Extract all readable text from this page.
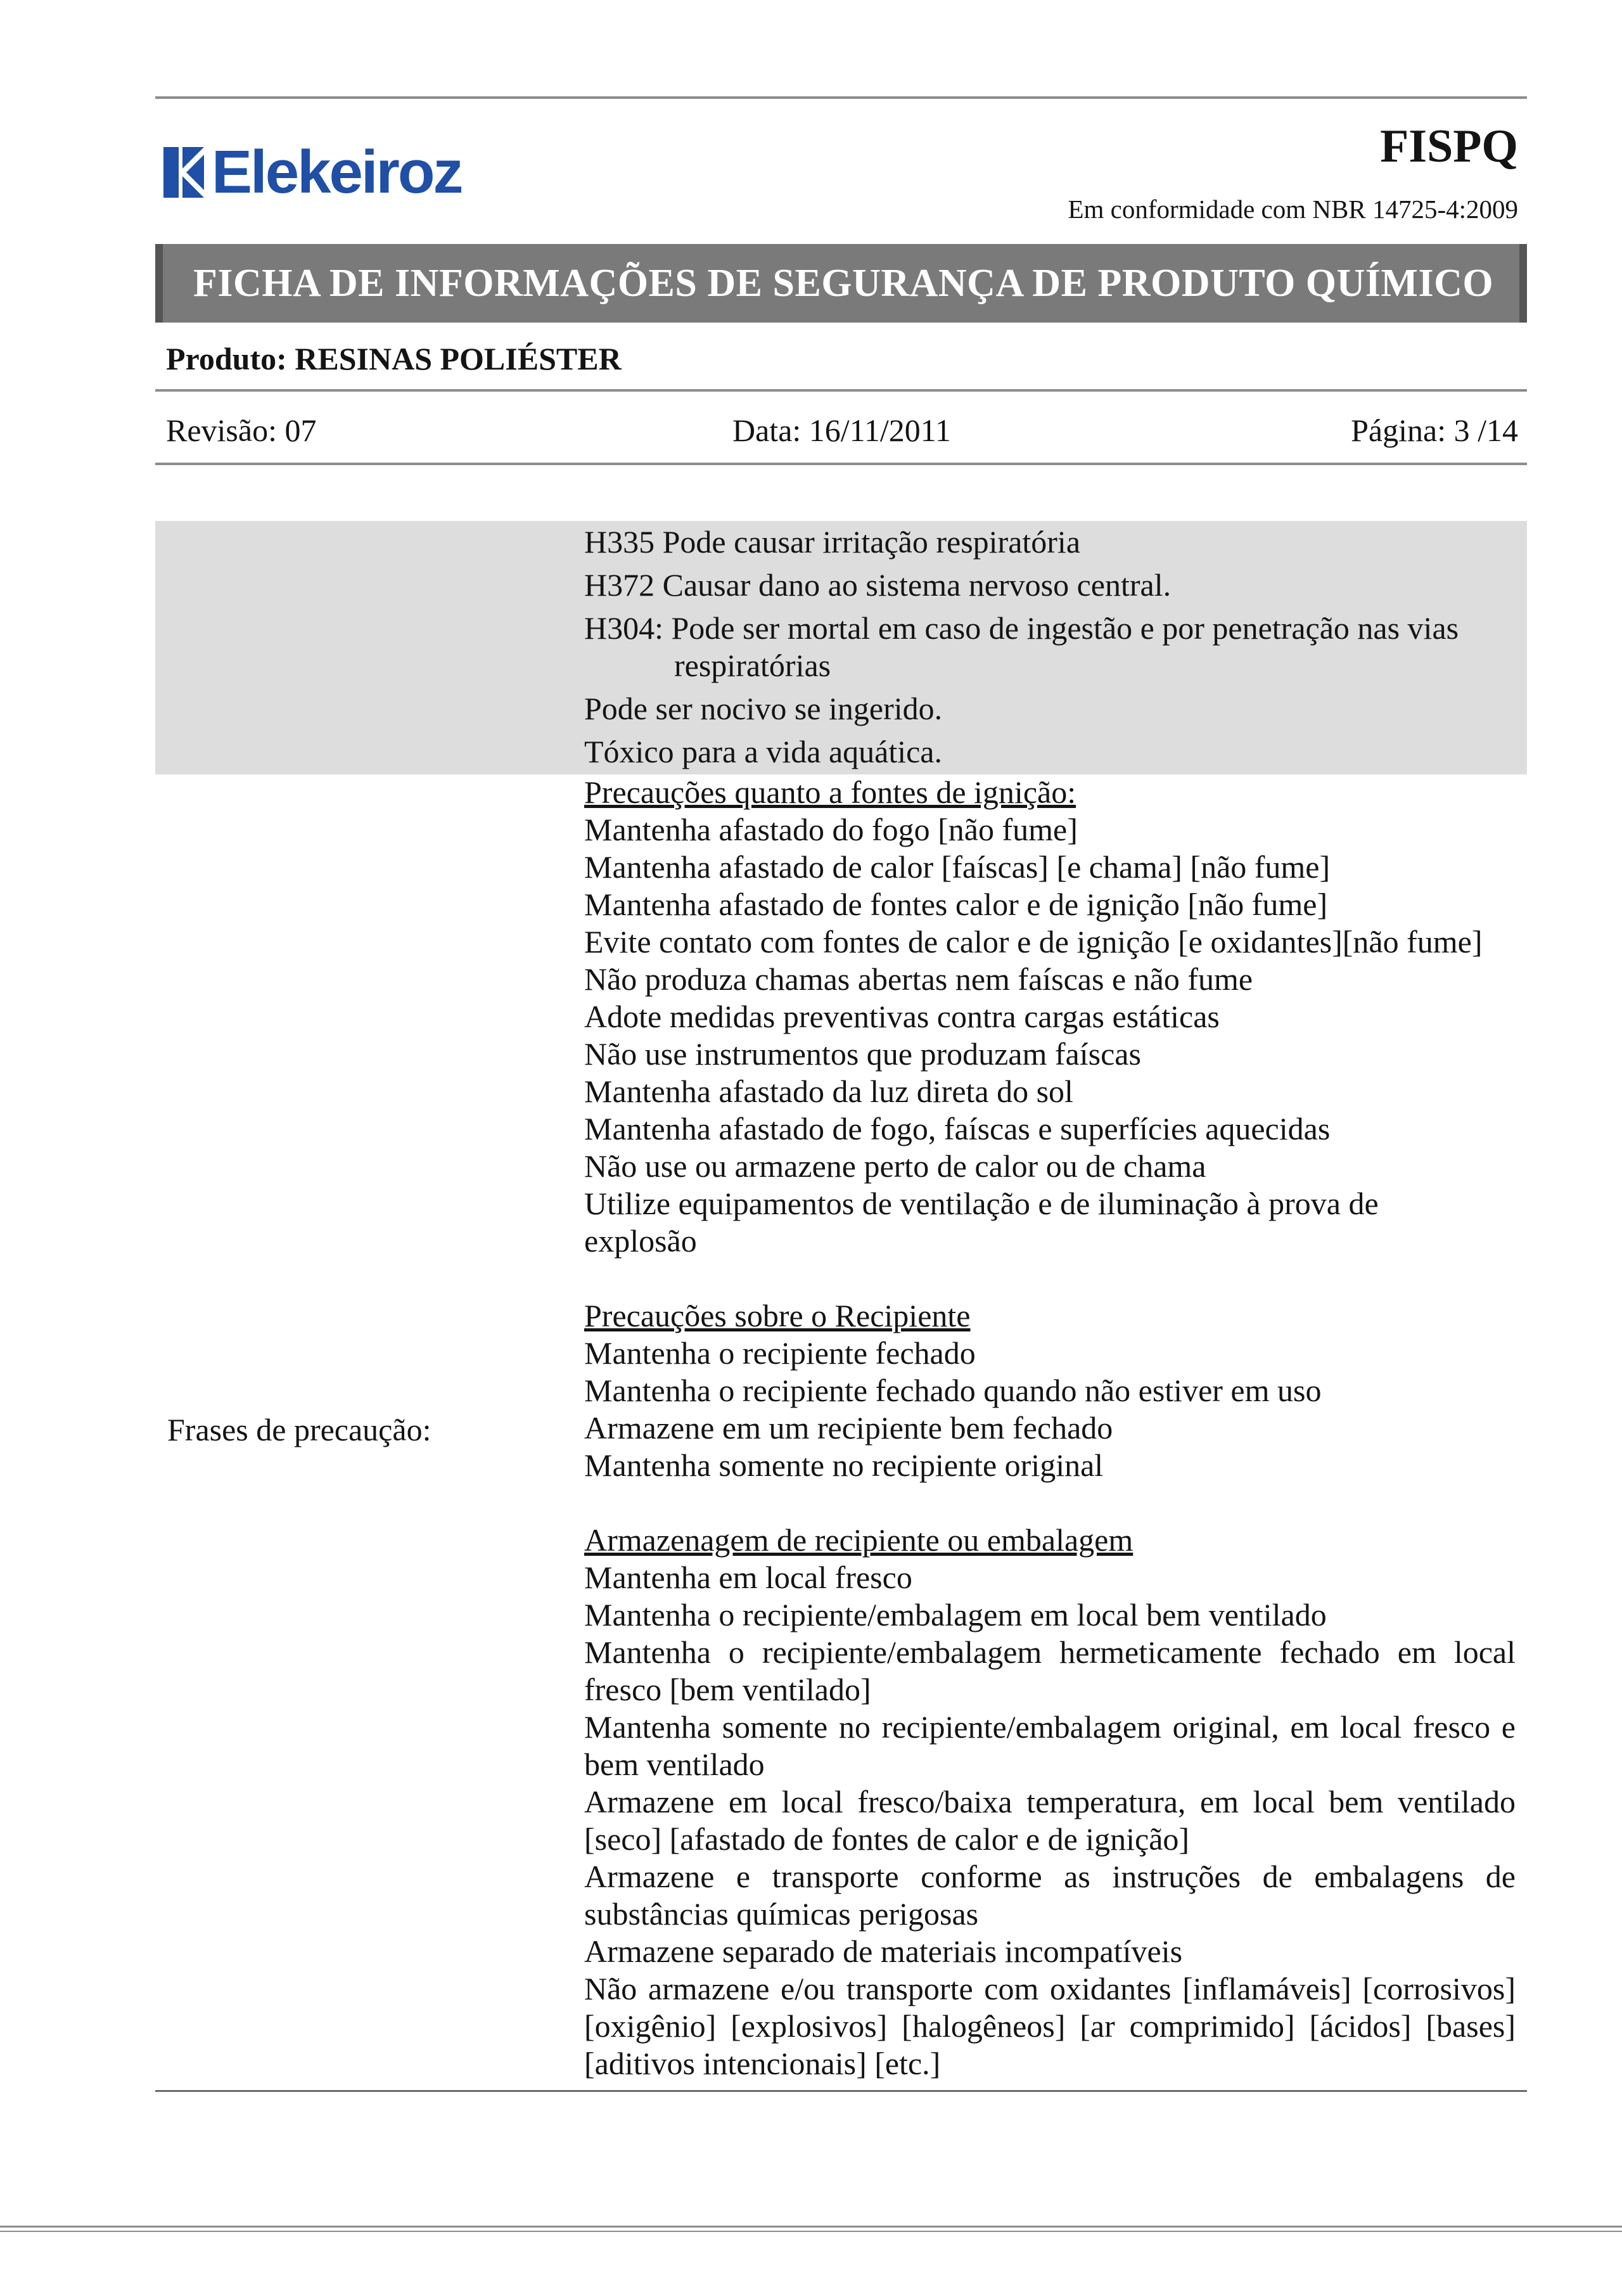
Elekeiroz	FISPQ
Em conformidade com NBR 14725-4:2009
FICHA DE INFORMAÇÕES DE SEGURANÇA DE PRODUTO QUÍMICO
Produto: RESINAS POLIÉSTER
Revisão: 07	Data: 16/11/2011	Página: 3 /14
Frases de precaução:
H335 Pode causar irritação respiratória
H372 Causar dano ao sistema nervoso central.
H304: Pode ser mortal em caso de ingestão e por penetração nas vias
respiratórias
Pode ser nocivo se ingerido.
Tóxico para a vida aquática.
Precauções quanto a fontes de ignição:
Mantenha afastado do fogo [não fume]
Mantenha afastado de calor [faíscas] [e chama] [não fume]
Mantenha afastado de fontes calor e de ignição [não fume]
Evite contato com fontes de calor e de ignição [e oxidantes][não fume]
Não produza chamas abertas nem faíscas e não fume
Adote medidas preventivas contra cargas estáticas
Não use instrumentos que produzam faíscas
Mantenha afastado da luz direta do sol
Mantenha afastado de fogo, faíscas e superfícies aquecidas
Não use ou armazene perto de calor ou de chama
Utilize equipamentos de ventilação e de iluminação à prova de explosão
Precauções sobre o Recipiente
Mantenha o recipiente fechado
Mantenha o recipiente fechado quando não estiver em uso
Armazene em um recipiente bem fechado
Mantenha somente no recipiente original
Armazenagem de recipiente ou embalagem
Mantenha em local fresco
Mantenha o recipiente/embalagem em local bem ventilado
Mantenha o recipiente/embalagem hermeticamente fechado em local fresco [bem ventilado]
Mantenha somente no recipiente/embalagem original, em local fresco e bem ventilado
Armazene em local fresco/baixa temperatura, em local bem ventilado [seco] [afastado de fontes de calor e de ignição]
Armazene e transporte conforme as instruções de embalagens de substâncias químicas perigosas
Armazene separado de materiais incompatíveis
Não armazene e/ou transporte com oxidantes [inflamáveis] [corrosivos] [oxigênio] [explosivos] [halogêneos] [ar comprimido] [ácidos] [bases] [aditivos intencionais] [etc.]
